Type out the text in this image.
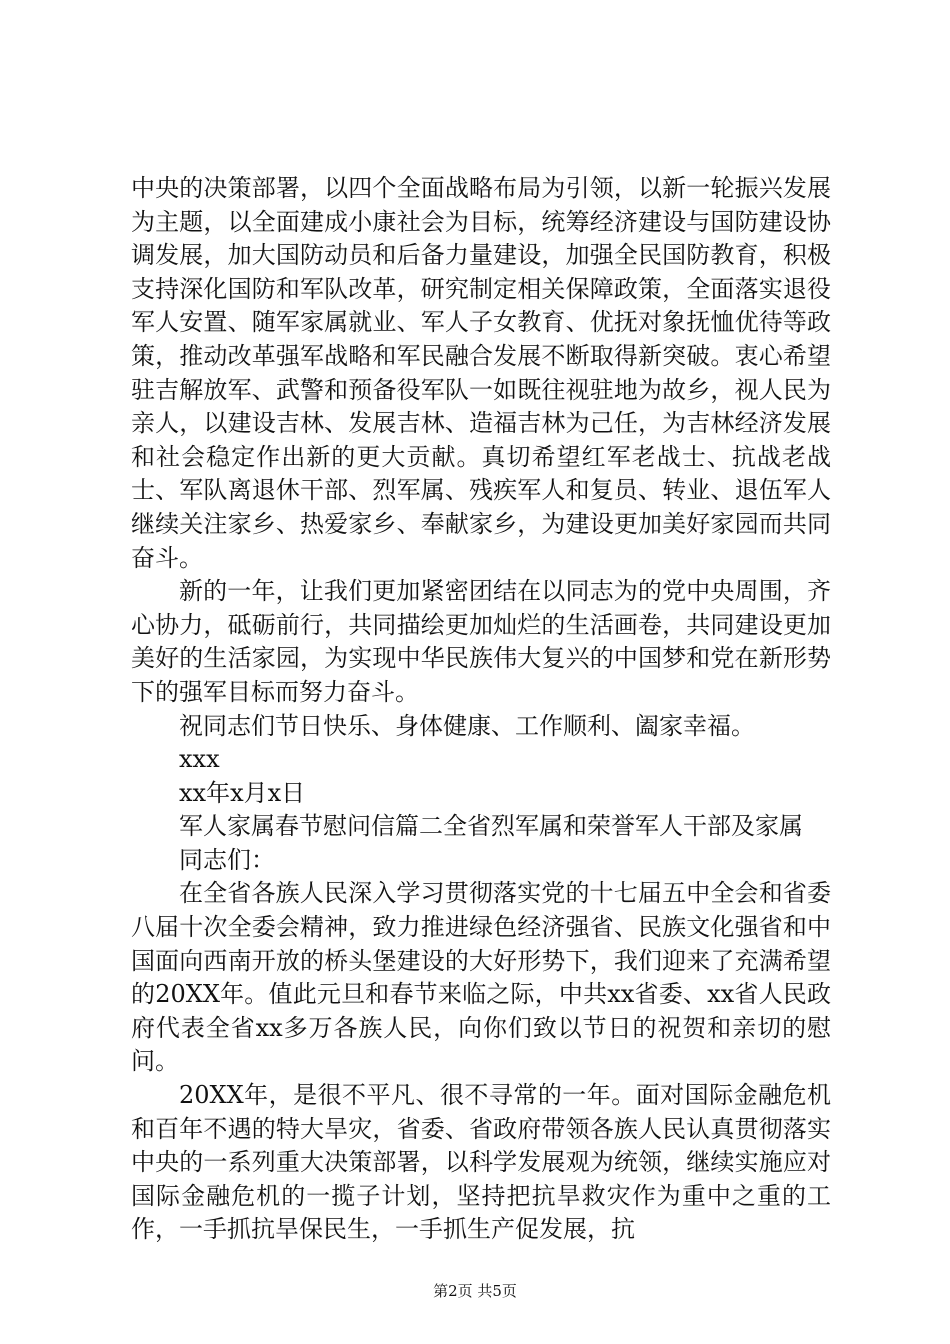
中央的决策部署，以四个全面战略布局为引领，以新一轮振兴发展为主题，以全面建成小康社会为目标，统筹经济建设与国防建设协调发展，加大国防动员和后备力量建设，加强全民国防教育，积极支持深化国防和军队改革，研究制定相关保障政策，全面落实退役军人安置、随军家属就业、军人子女教育、优抚对象抚恤优待等政策，推动改革强军战略和军民融合发展不断取得新突破。衷心希望驻吉解放军、武警和预备役军队一如既往视驻地为故乡，视人民为亲人，以建设吉林、发展吉林、造福吉林为己任，为吉林经济发展和社会稳定作出新的更大贡献。真切希望红军老战士、抗战老战士、军队离退休干部、烈军属、残疾军人和复员、转业、退伍军人继续关注家乡、热爱家乡、奉献家乡，为建设更加美好家园而共同奋斗。

新的一年，让我们更加紧密团结在以同志为的党中央周围，齐心协力，砥砺前行，共同描绘更加灿烂的生活画卷，共同建设更加美好的生活家园，为实现中华民族伟大复兴的中国梦和党在新形势下的强军目标而努力奋斗。

祝同志们节日快乐、身体健康、工作顺利、阖家幸福。

xxx

xx年x月x日

军人家属春节慰问信篇二全省烈军属和荣誉军人干部及家属

同志们：

在全省各族人民深入学习贯彻落实党的十七届五中全会和省委八届十次全委会精神，致力推进绿色经济强省、民族文化强省和中国面向西南开放的桥头堡建设的大好形势下，我们迎来了充满希望的20XX年。值此元旦和春节来临之际，中共xx省委、xx省人民政府代表全省xx多万各族人民，向你们致以节日的祝贺和亲切的慰问。

20XX年，是很不平凡、很不寻常的一年。面对国际金融危机和百年不遇的特大旱灾，省委、省政府带领各族人民认真贯彻落实中央的一系列重大决策部署，以科学发展观为统领，继续实施应对国际金融危机的一揽子计划，坚持把抗旱救灾作为重中之重的工作，一手抓抗旱保民生，一手抓生产促发展，抗

第2页 共5页
